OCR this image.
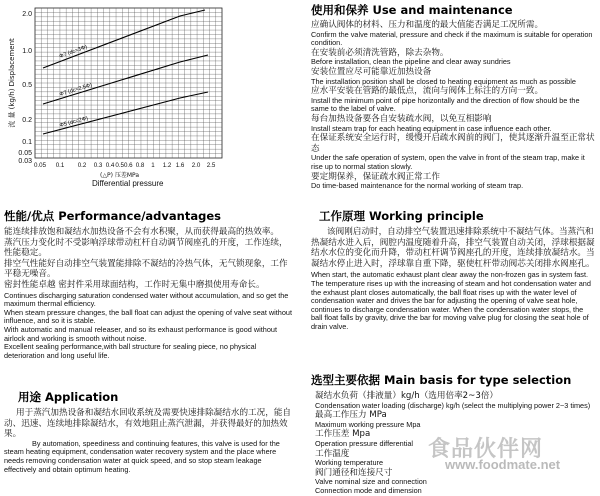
2.0
1.0
0.5
0.2
0.1
0.05
0.03
0.05 0.1 0.2 0.3 0.4 0.50.6 0.8 1 1.2 1.6 2.0 2.5
Φ7 (dc=3Φ)
Φ7 (dc=2.5Φ)
Φ5 (dc=2Φ)
流 量 (kg/h) Displacement
(△P) 压差MPa
Differential pressure
使用和保养 Use and maintenance

应确认阀体的材料、压力和温度的最大值能否满足工况所需。

Confirm the valve material, pressure and check if the maximum is suitable for operation condition.

在安装前必须清洗管路，除去杂物。

Before installation, clean the pipeline and clear away sundries

安装位置应尽可能靠近加热设备

The installation position shall be closed to heating equipment as much as possible

应水平安装在管路的最低点，流向与阀体上标注的方向一致。

Install the minimum point of pipe horizontally and the direction of flow should be the same to the label of valve.

每台加热设备要各自安装疏水阀，以免互相影响

Install steam trap for each heating equipment in case influence each other.

在保证系统安全运行时，缓慢开启疏水阀前的阀门，使其逐渐升温至正常状态

Under the safe operation of system, open the valve in front of the steam trap, make it rise up to normal station slowly.

要定期保养，保证疏水阀正常工作

Do time-based maintenance for the normal working of steam trap.

性能/优点 Performance/advantages

能连续排放饱和凝结水加热设备不会有水积聚，从而获得最高的热效率。

蒸汽压力变化时不受影响浮球带动杠杆自动调节阀座孔的开度，工作连续，性能稳定。

排空气性能好自动排空气装置能排除不凝结的冷热气体，无气锁现象，工作平稳无噪音。

密封性能卓越 密封件采用球面结构，工作时无集中磨损使用寿命长。

Continues discharging saturation condensed water without accumulation, and so get the maximum thermal efficiency.

When steam pressure changes, the ball float can adjust the opening of valve seat without influence, and so it is stable.

With automatic and manual releaser, and so its exhaust performance is good without airlock and working is smooth without noise.

Excellent sealing performance,with ball structure for sealing piece, no physical deterioration and long useful life.

用途 Application

用于蒸汽加热设备和凝结水回收系统及需要快速排除凝结水的工况，能自动、迅速、连续地排除凝结水，有效地阻止蒸汽泄漏，并获得最好的加热效果。

By automation, speediness and continuing features, this valve is used for the steam heating equipment, condensation water recovery system and the place where needs removing condensation water at quick speed, and so stop steam leakage effectively and obtain optimum heating.

工作原理 Working principle

该阀刚启动时，自动排空气装置迅速排除系统中不凝结气体。当蒸汽和热凝结水进入后，阀腔内温度随着升高，排空气装置自动关闭，浮球根据凝结水水位的变化而升降，带动杠杆调节阀座孔的开度，连续排放凝结水。当凝结水停止进入时，浮球靠自重下降，驱使杠杆带动阀芯关闭排水阀座孔。

When start, the automatic exhaust plant clear away the non-frozen gas in system fast. The temperature rises up with the increasing of steam and hot condensation water and the exhaust plant closes automatically, the ball float rises up with the water level of condensation water and drives the bar for adjusting the opening of valve seat hole, continues to discharge condensation water. When the condensation water stops, the ball float falls by gravity, drive the bar for moving valve plug for closing the seat hole of drain valve.

选型主要依据 Main basis for type selection

凝结水负荷（排液量）kg/h（选用倍率2~3倍）

Condensation water loading (discharge) kg/h (select the multiplying power 2~3 times)

最高工作压力 MPa

Maximum working pressure Mpa

工作压差 Mpa

Operation pressure differential

工作温度

Working temperature

阀门通径和连接尺寸

Valve nominal size and connection

Connection mode and dimension

食品伙伴网
www.foodmate.net
